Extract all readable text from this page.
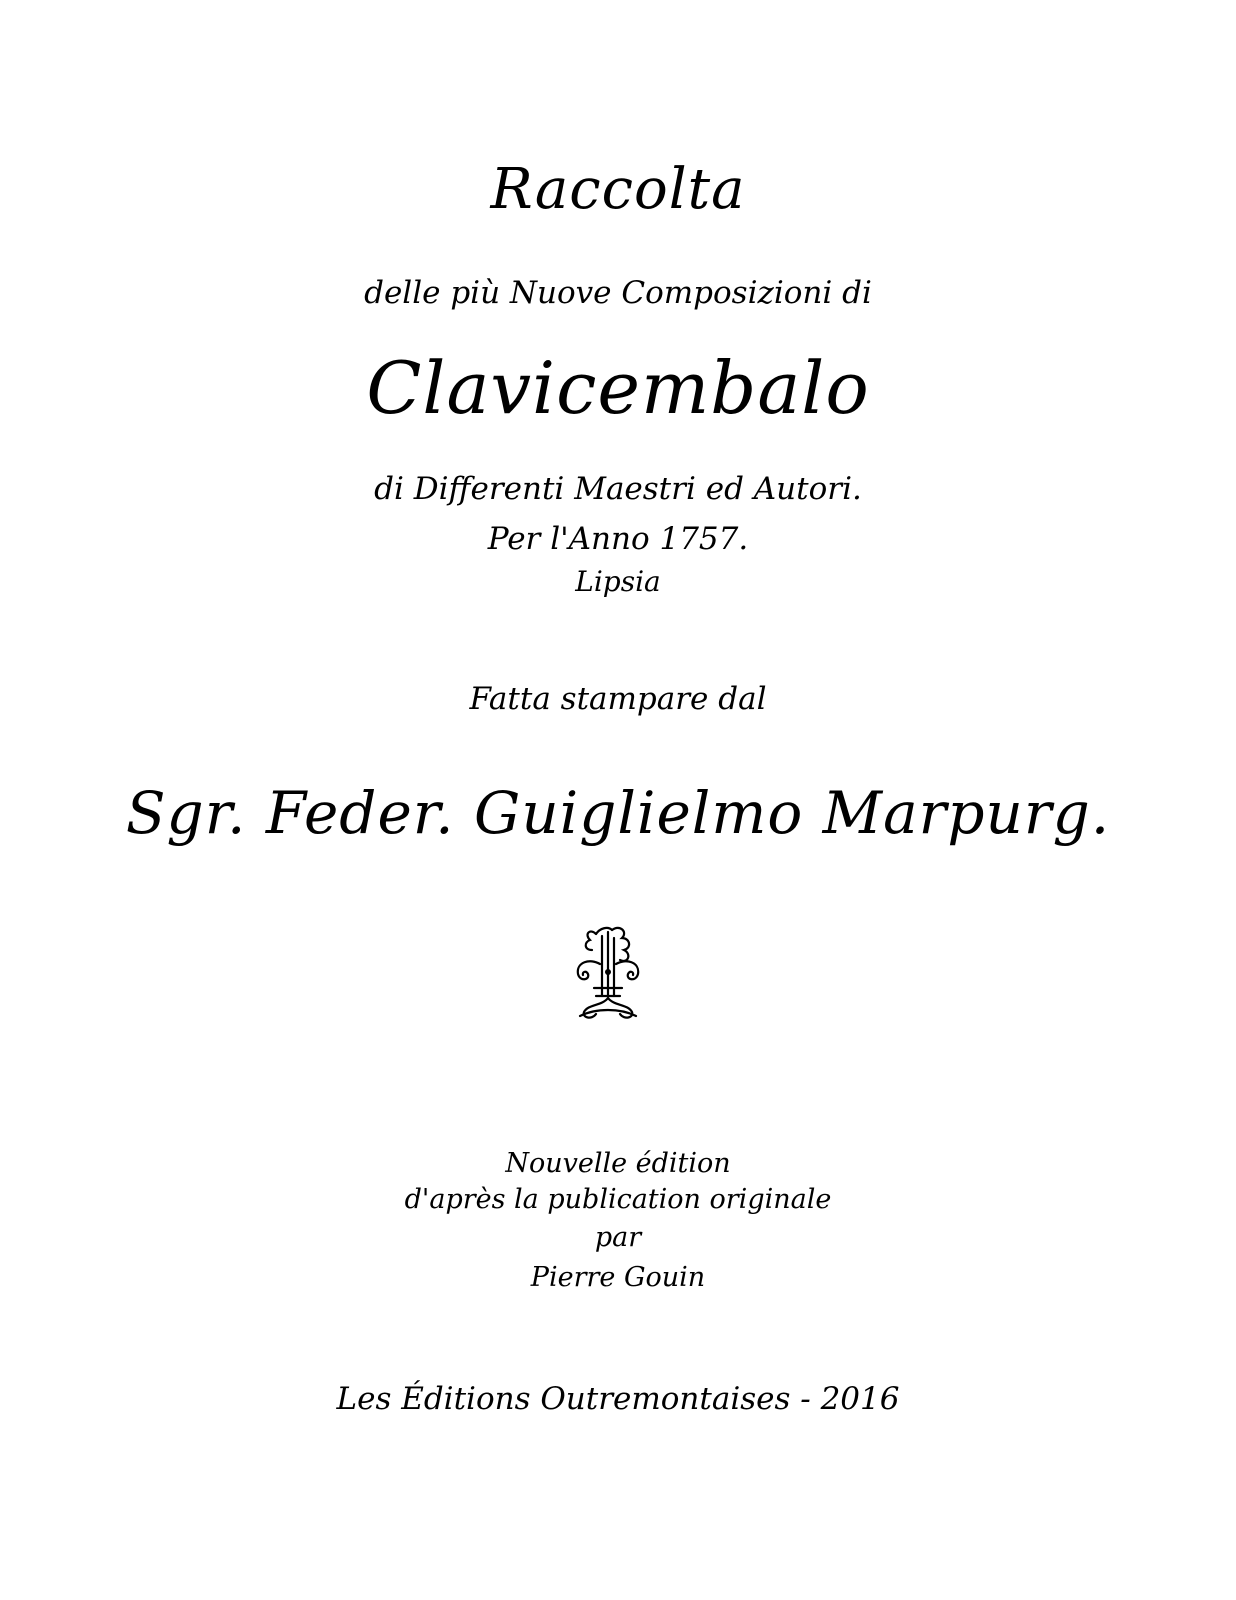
Raccolta
delle più Nuove Composizioni di
Clavicembalo
di Differenti Maestri ed Autori.
Per l'Anno 1757.
Lipsia
Fatta stampare dal
Sgr. Feder. Guiglielmo Marpurg.
Nouvelle édition
d'après la publication originale
par
Pierre Gouin
Les Éditions Outremontaises - 2016
